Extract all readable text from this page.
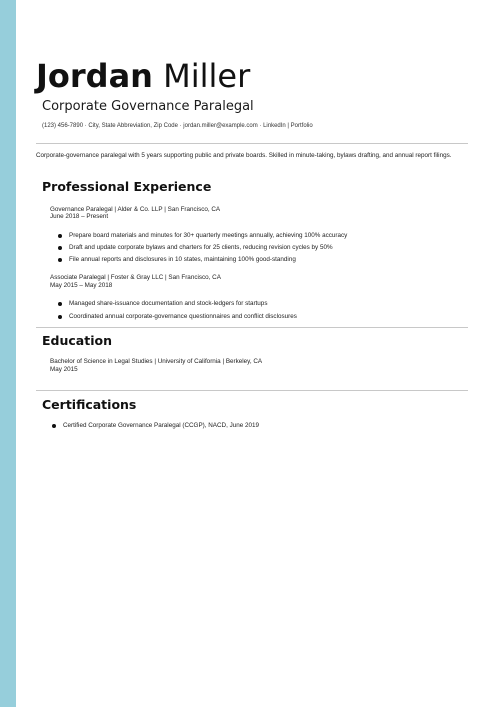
Jordan Miller
Corporate Governance Paralegal
(123) 456-7890 · City, State Abbreviation, Zip Code · jordan.miller@example.com · LinkedIn | Portfolio
Corporate-governance paralegal with 5 years supporting public and private boards. Skilled in minute-taking, bylaws drafting, and annual report filings.
Professional Experience
Governance Paralegal | Alder & Co. LLP | San Francisco, CA
June 2018 – Present
Prepare board materials and minutes for 30+ quarterly meetings annually, achieving 100% accuracy
Draft and update corporate bylaws and charters for 25 clients, reducing revision cycles by 50%
File annual reports and disclosures in 10 states, maintaining 100% good-standing
Associate Paralegal | Foster & Gray LLC | San Francisco, CA
May 2015 – May 2018
Managed share-issuance documentation and stock-ledgers for startups
Coordinated annual corporate-governance questionnaires and conflict disclosures
Education
Bachelor of Science in Legal Studies | University of California | Berkeley, CA
May 2015
Certifications
Certified Corporate Governance Paralegal (CCGP), NACD, June 2019
